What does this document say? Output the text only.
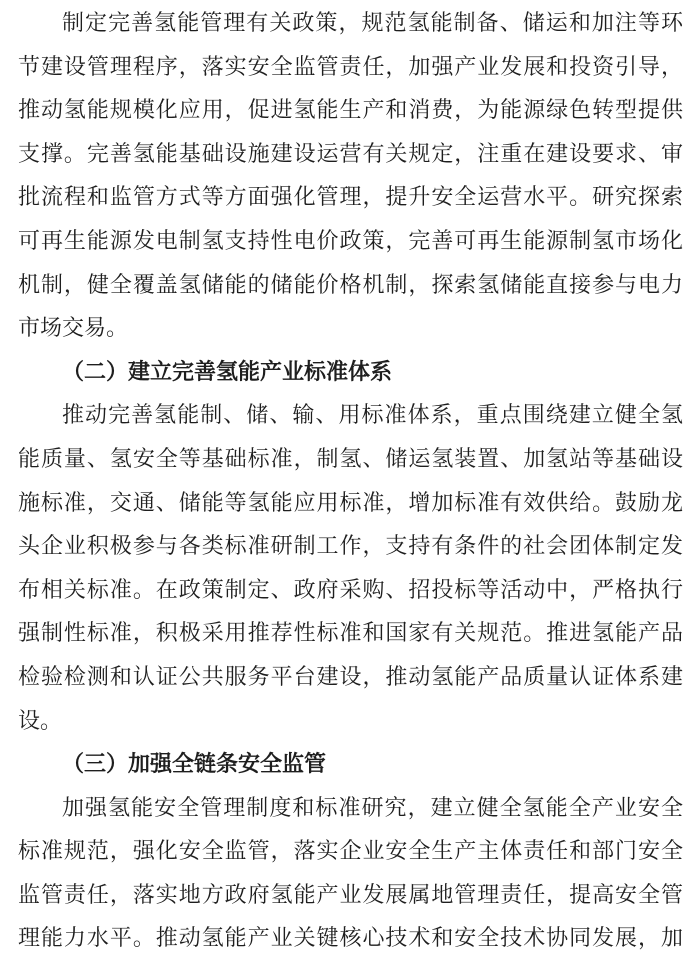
制定完善氢能管理有关政策，规范氢能制备、储运和加注等环
节建设管理程序，落实安全监管责任，加强产业发展和投资引导，
推动氢能规模化应用，促进氢能生产和消费，为能源绿色转型提供
支撑。完善氢能基础设施建设运营有关规定，注重在建设要求、审
批流程和监管方式等方面强化管理，提升安全运营水平。研究探索
可再生能源发电制氢支持性电价政策，完善可再生能源制氢市场化
机制，健全覆盖氢储能的储能价格机制，探索氢储能直接参与电力
市场交易。
（二）建立完善氢能产业标准体系
推动完善氢能制、储、输、用标准体系，重点围绕建立健全氢
能质量、氢安全等基础标准，制氢、储运氢装置、加氢站等基础设
施标准，交通、储能等氢能应用标准，增加标准有效供给。鼓励龙
头企业积极参与各类标准研制工作，支持有条件的社会团体制定发
布相关标准。在政策制定、政府采购、招投标等活动中，严格执行
强制性标准，积极采用推荐性标准和国家有关规范。推进氢能产品
检验检测和认证公共服务平台建设，推动氢能产品质量认证体系建
设。
（三）加强全链条安全监管
加强氢能安全管理制度和标准研究，建立健全氢能全产业安全
标准规范，强化安全监管，落实企业安全生产主体责任和部门安全
监管责任，落实地方政府氢能产业发展属地管理责任，提高安全管
理能力水平。推动氢能产业关键核心技术和安全技术协同发展，加
